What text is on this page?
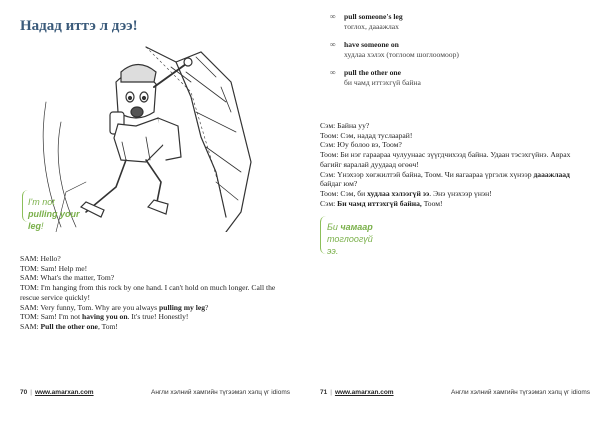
Надад иттэ л дээ!
I'm not pulling your leg!
SAM: Hello?
TOM: Sam! Help me!
SAM: What's the matter, Tom?
TOM: I'm hanging from this rock by one hand. I can't hold on much longer. Call the rescue service quickly!
SAM: Very funny, Tom. Why are you always pulling my leg?
TOM: Sam! I'm not having you on. It's true! Honestly!
SAM: Pull the other one, Tom!
70 | www.amarxan.com	Англи хэлний хамгийн түгээмэл хэлц үг idioms
∞ pull someone's leg
тоглох, дааажлах
∞ have someone on
худлаа хэлэх (тоглоом шоглоомоор)
∞ pull the other one
би чамд иттэхгүй байна
Сэм: Байна уу?
Тоом: Сэм, надад туслаарай!
Сэм: Юу болоо вэ, Тоом?
Тоом: Би нэг гараараа чулуунаас зүүгдчихээд байна. Удаан тэсэхгүйнэ. Аврах багийг яаралай дуудаад өгөөч!
Сэм: Үнэхээр хөгжилтэй байна, Тоом. Чи яагаараа үргэлж хүнээр дааажлаад байдаг юм?
Тоом: Сэм, би худлаа хэлээгүй ээ. Энэ үнэхээр үнэн!
Сэм: Би чамд иттэхгүй байна, Тоом!
Би чамаар
тоглоогүй ээ.
71 | www.amarxan.com	Англи хэлний хамгийн түгээмэл хэлц үг idioms
